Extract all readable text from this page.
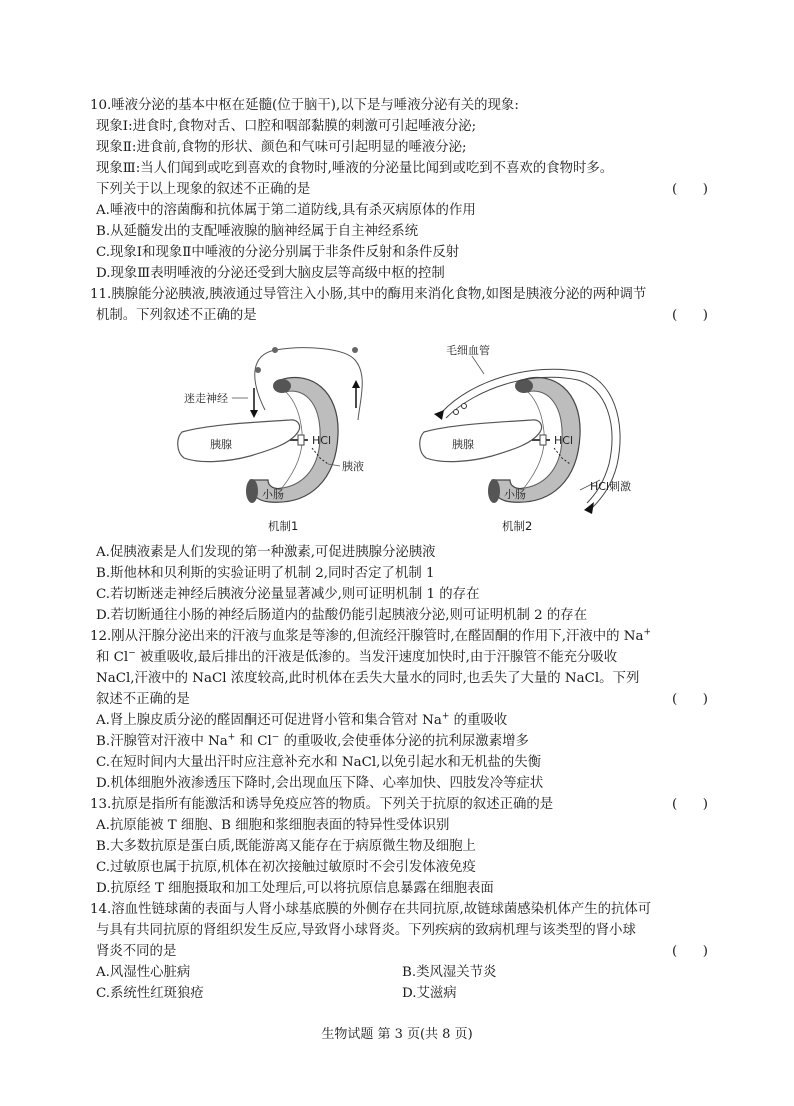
10.唾液分泌的基本中枢在延髓(位于脑干),以下是与唾液分泌有关的现象:
现象Ⅰ:进食时,食物对舌、口腔和咽部黏膜的刺激可引起唾液分泌;
现象Ⅱ:进食前,食物的形状、颜色和气味可引起明显的唾液分泌;
现象Ⅲ:当人们闻到或吃到喜欢的食物时,唾液的分泌量比闻到或吃到不喜欢的食物时多。
下列关于以上现象的叙述不正确的是	(      )
A.唾液中的溶菌酶和抗体属于第二道防线,具有杀灭病原体的作用
B.从延髓发出的支配唾液腺的脑神经属于自主神经系统
C.现象Ⅰ和现象Ⅱ中唾液的分泌分别属于非条件反射和条件反射
D.现象Ⅲ表明唾液的分泌还受到大脑皮层等高级中枢的控制
11.胰腺能分泌胰液,胰液通过导管注入小肠,其中的酶用来消化食物,如图是胰液分泌的两种调节
机制。下列叙述不正确的是	(      )
迷走神经
胰腺	HCl
胰液
小肠
毛细血管
胰腺	HCl
HCl刺激
小肠
机制1	机制2
A.促胰液素是人们发现的第一种激素,可促进胰腺分泌胰液
B.斯他林和贝利斯的实验证明了机制 2,同时否定了机制 1
C.若切断迷走神经后胰液分泌量显著减少,则可证明机制 1 的存在
D.若切断通往小肠的神经后肠道内的盐酸仍能引起胰液分泌,则可证明机制 2 的存在
12.刚从汗腺分泌出来的汗液与血浆是等渗的,但流经汗腺管时,在醛固酮的作用下,汗液中的 Na+
和 Cl− 被重吸收,最后排出的汗液是低渗的。当发汗速度加快时,由于汗腺管不能充分吸收
NaCl,汗液中的 NaCl 浓度较高,此时机体在丢失大量水的同时,也丢失了大量的 NaCl。下列
叙述不正确的是	(      )
A.肾上腺皮质分泌的醛固酮还可促进肾小管和集合管对 Na+ 的重吸收
B.汗腺管对汗液中 Na+ 和 Cl− 的重吸收,会使垂体分泌的抗利尿激素增多
C.在短时间内大量出汗时应注意补充水和 NaCl,以免引起水和无机盐的失衡
D.机体细胞外液渗透压下降时,会出现血压下降、心率加快、四肢发冷等症状
13.抗原是指所有能激活和诱导免疫应答的物质。下列关于抗原的叙述正确的是	(      )
A.抗原能被 T 细胞、B 细胞和浆细胞表面的特异性受体识别
B.大多数抗原是蛋白质,既能游离又能存在于病原微生物及细胞上
C.过敏原也属于抗原,机体在初次接触过敏原时不会引发体液免疫
D.抗原经 T 细胞摄取和加工处理后,可以将抗原信息暴露在细胞表面
14.溶血性链球菌的表面与人肾小球基底膜的外侧存在共同抗原,故链球菌感染机体产生的抗体可
与具有共同抗原的肾组织发生反应,导致肾小球肾炎。下列疾病的致病机理与该类型的肾小球
肾炎不同的是	(      )
A.风湿性心脏病	B.类风湿关节炎
C.系统性红斑狼疮	D.艾滋病
生物试题 第 3 页(共 8 页)
